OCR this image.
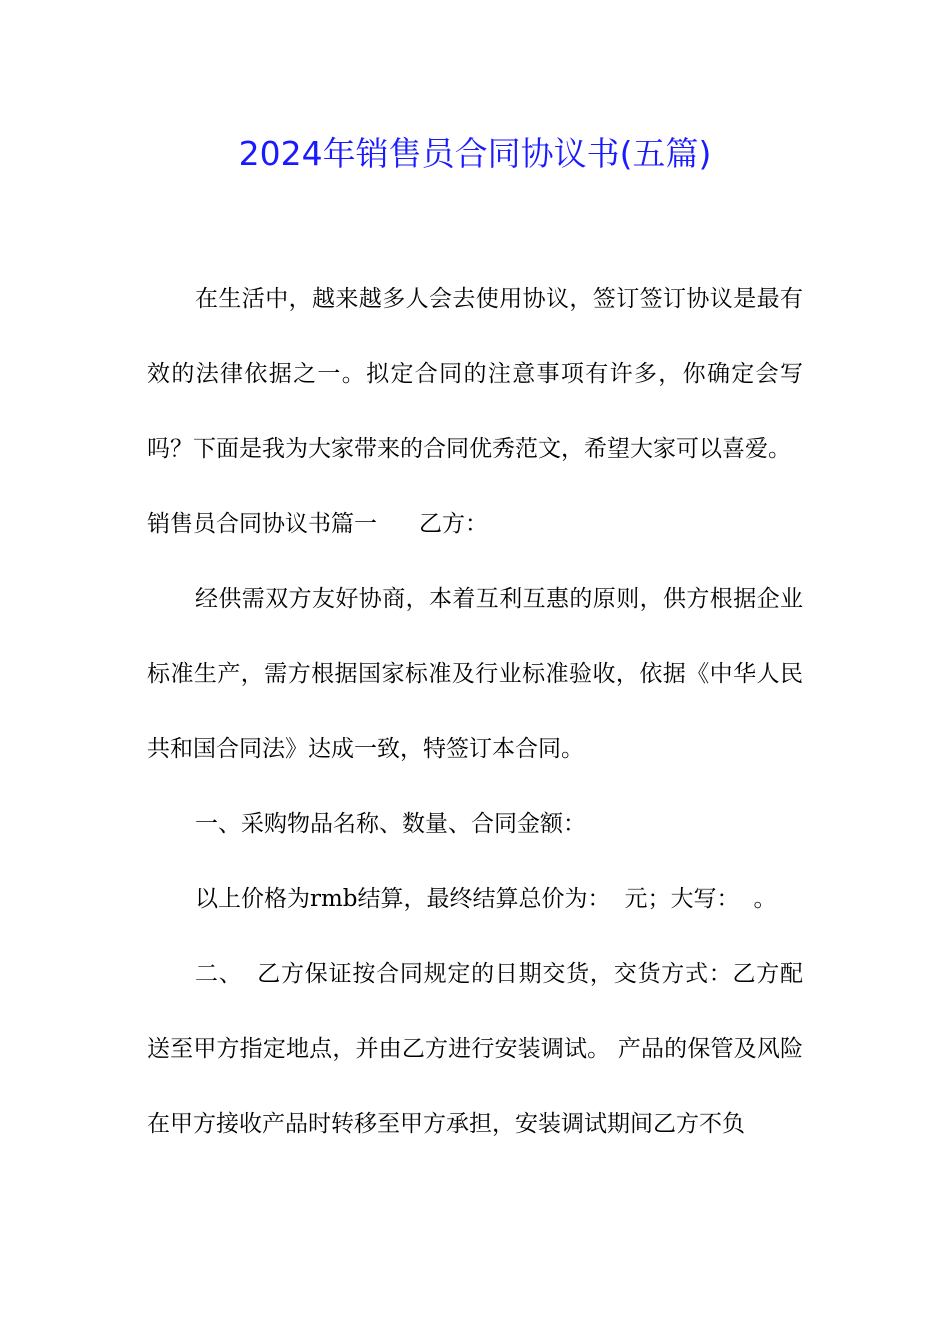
2024年销售员合同协议书(五篇)

在生活中，越来越多人会去使用协议，签订签订协议是最有效的法律依据之一。拟定合同的注意事项有许多，你确定会写吗？下面是我为大家带来的合同优秀范文，希望大家可以喜爱。

销售员合同协议书篇一 乙方：

经供需双方友好协商，本着互利互惠的原则，供方根据企业标准生产，需方根据国家标准及行业标准验收，依据《中华人民共和国合同法》达成一致，特签订本合同。

一、采购物品名称、数量、合同金额：

以上价格为rmb结算，最终结算总价为： 元；大写： 。

二、 乙方保证按合同规定的日期交货，交货方式：乙方配送至甲方指定地点，并由乙方进行安装调试。 产品的保管及风险在甲方接收产品时转移至甲方承担，安装调试期间乙方不负
